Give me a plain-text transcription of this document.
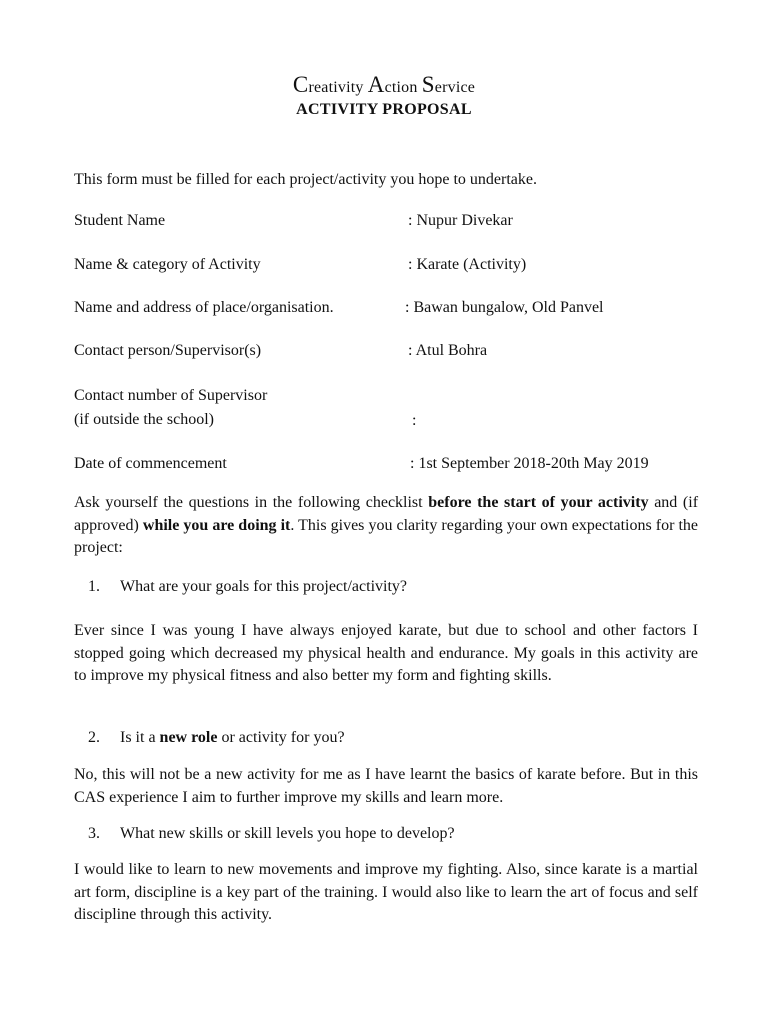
Creativity Action Service
ACTIVITY PROPOSAL
This form must be filled for each project/activity you hope to undertake.
Student Name	: Nupur Divekar
Name & category of Activity	: Karate (Activity)
Name and address of place/organisation.	: Bawan bungalow, Old Panvel
Contact person/Supervisor(s)	: Atul Bohra
Contact number of Supervisor
(if outside the school)	:
Date of commencement	: 1st September 2018-20th May 2019
Ask yourself the questions in the following checklist before the start of your activity and (if approved) while you are doing it. This gives you clarity regarding your own expectations for the project:
1. What are your goals for this project/activity?
Ever since I was young I have always enjoyed karate, but due to school and other factors I stopped going which decreased my physical health and endurance. My goals in this activity are to improve my physical fitness and also better my form and fighting skills.
2. Is it a new role or activity for you?
No, this will not be a new activity for me as I have learnt the basics of karate before. But in this CAS experience I aim to further improve my skills and learn more.
3. What new skills or skill levels you hope to develop?
I would like to learn to new movements and improve my fighting. Also, since karate is a martial art form, discipline is a key part of the training. I would also like to learn the art of focus and self discipline through this activity.
